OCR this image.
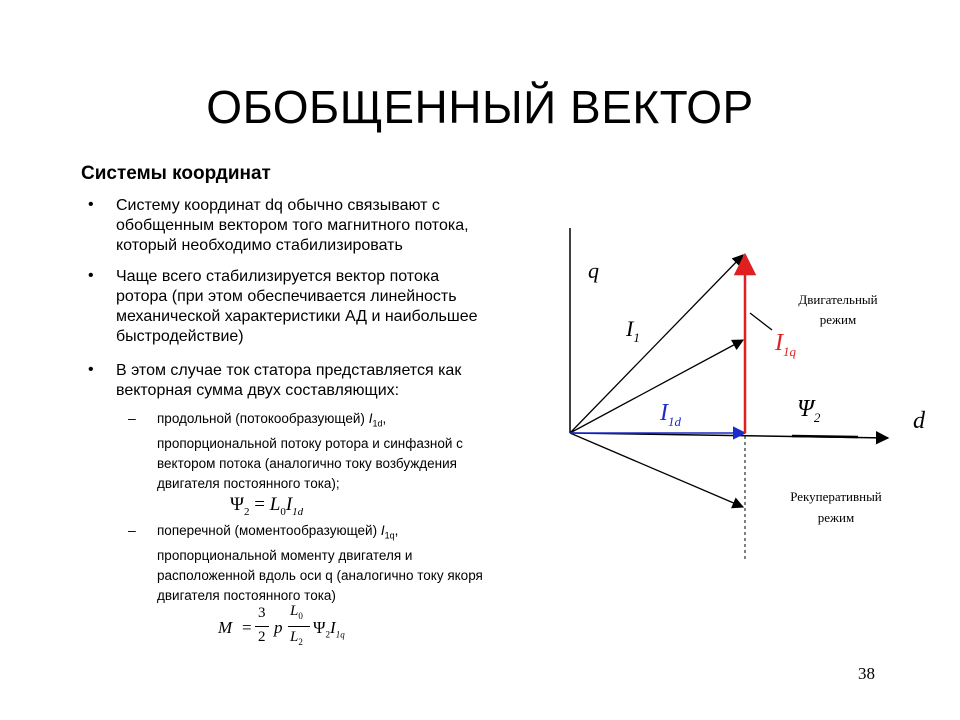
ОБОБЩЕННЫЙ ВЕКТОР
Системы координат
• Систему координат dq обычно связывают с
обобщенным вектором того магнитного потока,
который необходимо стабилизировать
• Чаще всего стабилизируется вектор потока
ротора (при этом обеспечивается линейность
механической характеристики АД и наибольшее
быстродействие)
• В этом случае ток статора представляется как
векторная сумма двух составляющих:
– продольной (потокообразующей) $I_{1d}$,
пропорциональной потоку ротора и синфазной с
вектором потока (аналогично току возбуждения
двигателя постоянного тока);
$\Psi_2 = L_0I_{1d}$
– поперечной (моментообразующей) $I_{1q}$,
пропорциональной моменту двигателя и
расположенной вдоль оси q (аналогично току якоря
двигателя постоянного тока)
M =
3
2 p
$L_0$
$L_2$
$\Psi_2I_{1q}$
38
q
d
$I_1$	$I_{1q}$
$I_{1d}$	$\Psi_2$
Двигательный
режим
Рекуперативный
режим
